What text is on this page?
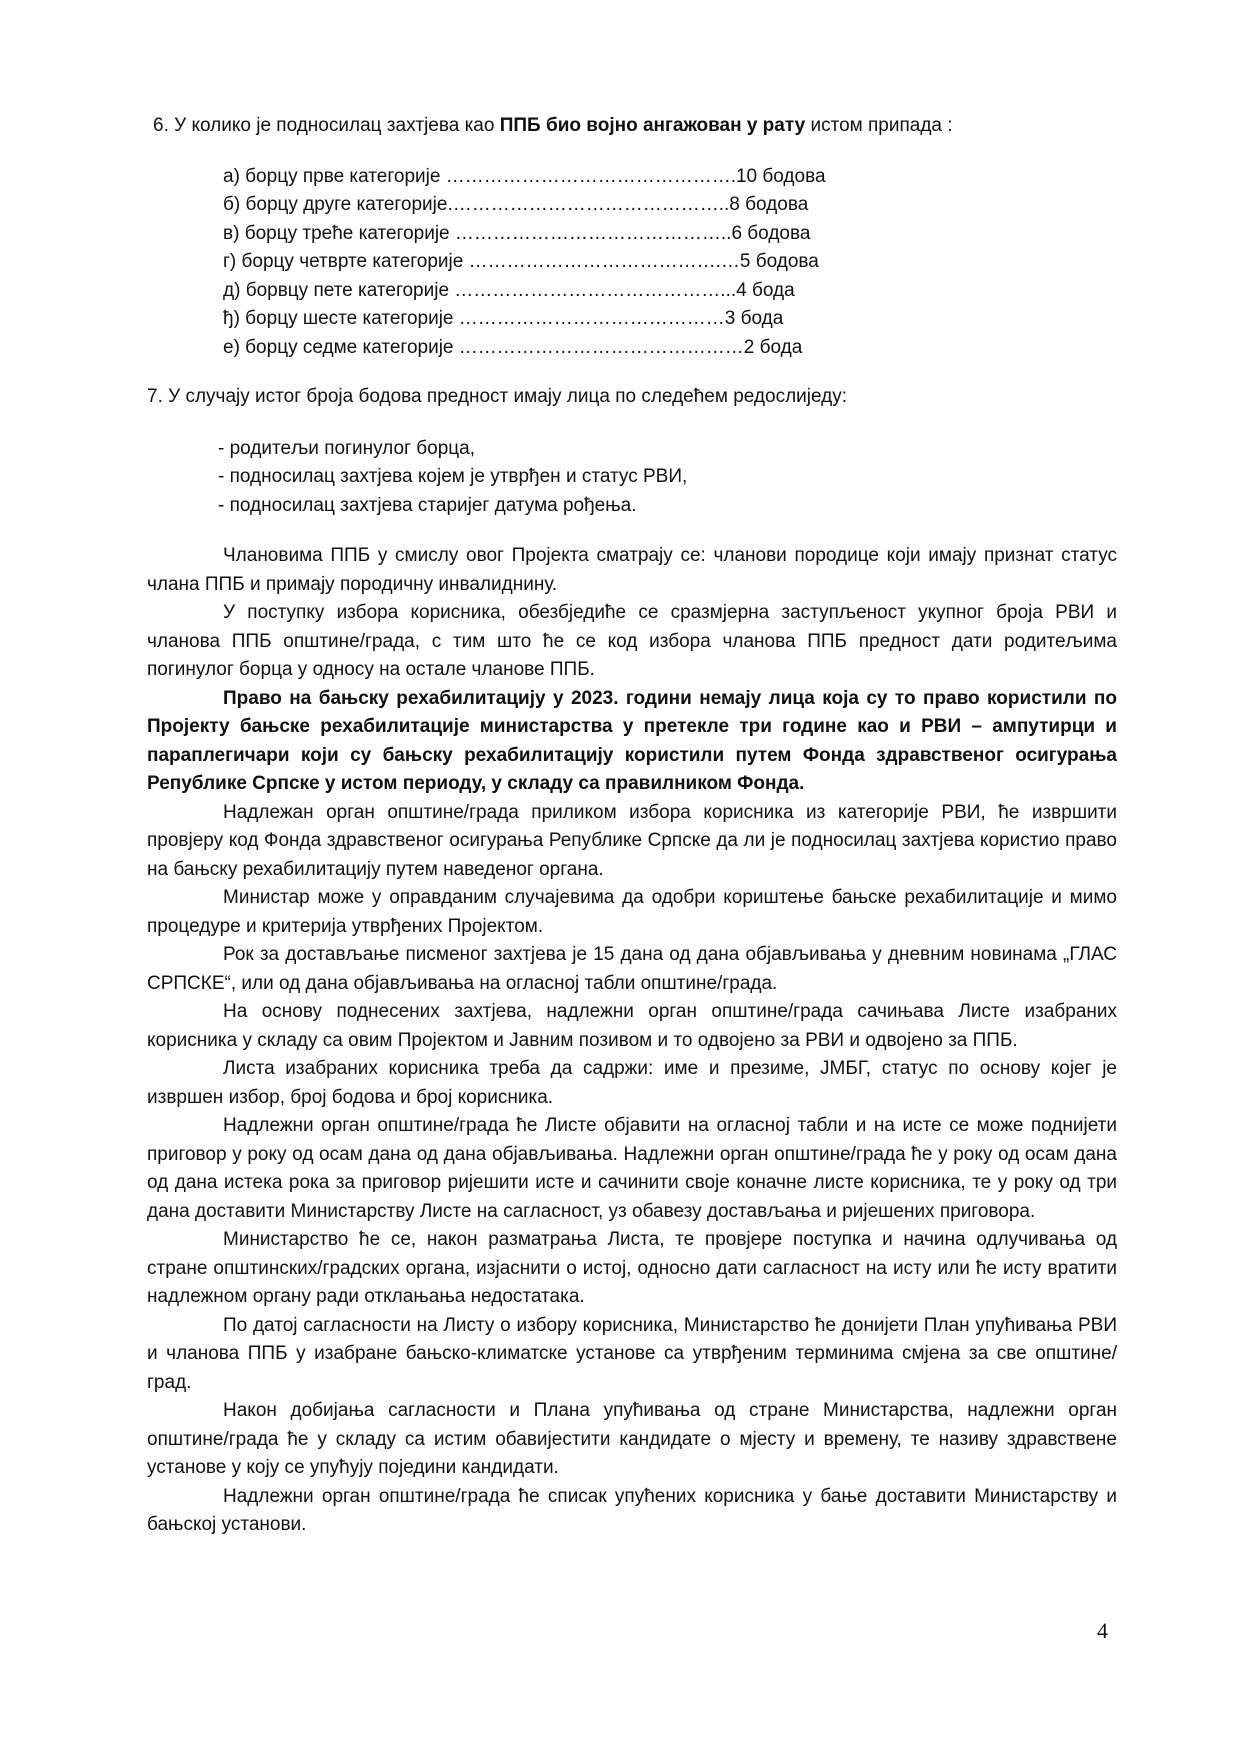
6. У колико је подносилац захтјева као ППБ био војно ангажован у рату истом припада :

а) борцу прве категорије ……………………………………….10 бодова
б) борцу друге категорије.……………………………………..8 бодова
в) борцу треће категорије ……………………………………..6 бодова
г) борцу четврте категорије ………………………………….…5 бодова
д) борвцу пете категорије ……………………………………...4 бода
ђ) борцу шесте категорије ……………………………………3 бода
е) борцу седме категорије ………………………………………2 бода

7. У случају истог броја бодова предност имају лица по следећем редослиједу:

- родитељи погинулог борца,
- подносилац захтјева којем је утврђен и статус РВИ,
- подносилац захтјева старијег датума рођења.

Члановима ППБ у смислу овог Пројекта сматрају се: чланови породице који имају признат статус члана ППБ и примају породичну инвалиднину.

У поступку избора корисника, обезбједиће се сразмјерна заступљеност укупног броја РВИ и чланова ППБ општине/града, с тим што ће се код избора чланова ППБ предност дати родитељима погинулог борца у односу на остале чланове ППБ.

Право на бањску рехабилитацију у 2023. години немају лица која су то право користили по Пројекту бањске рехабилитације министарства у претекле три године као и РВИ – ампутирци и параплегичари који су бањску рехабилитацију користили путем Фонда здравственог осигурања Републике Српске у истом периоду, у складу са правилником Фонда.

Надлежан орган општине/града приликом избора корисника из категорије РВИ, ће извршити провјеру код Фонда здравственог осигурања Републике Српске да ли је подносилац захтјева користио право на бањску рехабилитацију путем наведеног органа.

Министар може у оправданим случајевима да одобри кориштење бањске рехабилитације и мимо процедуре и критерија утврђених Пројектом.

Рок за достављање писменог захтјева је 15 дана од дана објављивања у дневним новинама „ГЛАС СРПСКЕ“, или од дана објављивања на огласној табли општине/града.

На основу поднесених захтјева, надлежни орган општине/града сачињава Листе изабраних корисника у складу са овим Пројектом и Јавним позивом и то одвојено за РВИ и одвојено за ППБ.

Листа изабраних корисника треба да садржи: име и презиме, ЈМБГ, статус по основу којег је извршен избор, број бодова и број корисника.

Надлежни орган општине/града ће Листе објавити на огласној табли и на исте се може поднијети приговор у року од осам дана од дана објављивања. Надлежни орган општине/града ће у року од осам дана од дана истека рока за приговор ријешити исте и сачинити своје коначне листе корисника, те у року од три дана доставити Министарству Листе на сагласност, уз обавезу достављања и ријешених приговора.

Министарство ће се, након разматрања Листа, те провјере поступка и начина одлучивања од стране општинских/градских органа, изјаснити о истој, односно дати сагласност на исту или ће исту вратити надлежном органу ради отклањања недостатака.

По датој сагласности на Листу о избору корисника, Министарство ће донијети План упућивања РВИ и чланова ППБ у изабране бањско-климатске установе са утврђеним терминима смјена за све општине/град.

Након добијања сагласности и Плана упућивања од стране Министарства, надлежни орган општине/града ће у складу са истим обавијестити кандидате о мјесту и времену, те називу здравствене установе у коју се упућују поједини кандидати.

Надлежни орган општине/града ће списак упућених корисника у бање доставити Министарству и бањској установи.

4
